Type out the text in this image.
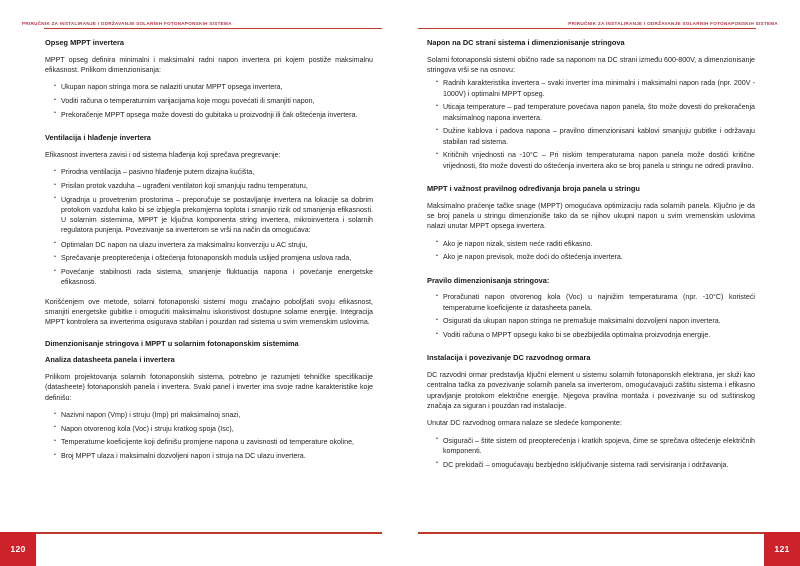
PRIRUČNIK ZA INSTALIRANJE I ODRŽAVANJE SOLARNIH FOTONAPONSKIH SISTEMA
Opseg MPPT invertera

MPPT opseg definira minimalni i maksimalni radni napon invertera pri kojem postiže maksimalnu efikasnost. Prilikom dimenzionisanja:

• Ukupan napon stringa mora se nalaziti unutar MPPT opsega invertera,
• Voditi računa o temperaturnim varijacijama koje mogu povećati ili smanjiti napon,
• Prekoračenje MPPT opsega može dovesti do gubitaka u proizvodnji ili čak oštećenja invertera.
Ventilacija i hlađenje invertera

Efikasnost invertera zavisi i od sistema hlađenja koji sprečava pregrevanje:

• Prirodna ventilacija – pasivno hlađenje putem dizajna kućišta,
• Prisilan protok vazduha – ugrađeni ventilatori koji smanjuju radnu temperaturu,
• Ugradnja u provetrenim prostorima – preporučuje se postavljanje invertera na lokacije sa dobrim protokom vazduha kako bi se izbjegla prekomjerna toplota i smanjio rizik od smanjenja efikasnosti. U solarnim sistemima, MPPT je ključna komponenta string invertera, mikroinvertera i solarnih regulatora punjenja. Povezivanje sa inverterom se vrši na način da omogućava:
• Optimalan DC napon na ulazu invertera za maksimalnu konverziju u AC struju,
• Sprečavanje preopterećenja i oštećenja fotonaponskih modula uslijed promjena uslova rada,
• Povećanje stabilnosti rada sistema, smanjenje fluktuacija napona i povećanje energetske efikasnosti.

Korišćenjem ove metode, solarni fotonaponski sistemi mogu značajno poboljšati svoju efikasnost, smanjiti energetske gubitke i omogućiti maksimalnu iskoristivost dostupne solarne energije. Integracija MPPT kontrolera sa inverterima osigurava stabilan i pouzdan rad sistema u svim vremenskim uslovima.

Dimenzionisanje stringova i MPPT u solarnim fotonaponskim sistemima
Analiza datasheeta panela i invertera

Prilikom projektovanja solarnih fotonaponskih sistema, potrebno je razumjeti tehničke specifikacije (datasheete) fotonaponskih panela i invertera. Svaki panel i inverter ima svoje radne karakteristike koje definišu:

• Nazivni napon (Vmp) i struju (Imp) pri maksimalnoj snazi,
• Napon otvorenog kola (Voc) i struju kratkog spoja (Isc),
• Temperaturne koeficijente koji definišu promjene napona u zavisnosti od temperature okoline,
• Broj MPPT ulaza i maksimalni dozvoljeni napon i struja na DC ulazu invertera.
120
PRIRUČNIK ZA INSTALIRANJE I ODRŽAVANJE SOLARNIH FOTONAPONSKIH SISTEMA
Napon na DC strani sistema i dimenzionisanje stringova

Solarni fotonaponski sistemi obično rade sa naponom na DC strani između 600-800V, a dimenzionisanje stringova vrši se na osnovu:

• Radnih karakteristika invertera – svaki inverter ima minimalni i maksimalni napon rada (npr. 200V - 1000V) i optimalni MPPT opseg.
• Uticaja temperature – pad temperature povećava napon panela, što može dovesti do prekoračenja maksimalnog napona invertera.
• Dužine kablova i padova napona – pravilno dimenzionisani kablovi smanjuju gubitke i održavaju stabilan rad sistema.
• Kritičnih vrijednosti na -10°C – Pri niskim temperaturama napon panela može dostići kritične vrijednosti, što može dovesti do oštećenja invertera ako se broj panela u stringu ne odredi pravilno.
MPPT i važnost pravilnog određivanja broja panela u stringu

Maksimalno praćenje tačke snage (MPPT) omogućava optimizaciju rada solarnih panela. Ključno je da se broj panela u stringu dimenzioniše tako da se njihov ukupni napon u svim vremenskim uslovima nalazi unutar MPPT opsega invertera.

• Ako je napon nizak, sistem neće raditi efikasno.
• Ako je napon previsok, može doći do oštećenja invertera.
Pravilo dimenzionisanja stringova:
• Proračunati napon otvorenog kola (Voc) u najnižim temperaturama (npr. -10°C) koristeći temperaturne koeficijente iz datasheeta panela.
• Osigurati da ukupan napon stringa ne premašuje maksimalni dozvoljeni napon invertera.
• Voditi računa o MPPT opsegu kako bi se obezbijedila optimalna proizvodnja energije.
Instalacija i povezivanje DC razvodnog ormara

DC razvodni ormar predstavlja ključni element u sistemu solarnih fotonaponskih elektrana, jer služi kao centralna tačka za povezivanje solarnih panela sa inverterom, omogućavajući zaštitu sistema i efikasno upravljanje protokom električne energije. Njegova pravilna montaža i povezivanje su od suštinskog značaja za siguran i pouzdan rad instalacije.

Unutar DC razvodnog ormara nalaze se sledeće komponente:

• Osigurači – štite sistem od preopterećenja i kratkih spojeva, čime se sprečava oštećenje električnih komponenti.
• DC prekidači – omogućavaju bezbjedno isključivanje sistema radi servisiranja i održavanja.
121
